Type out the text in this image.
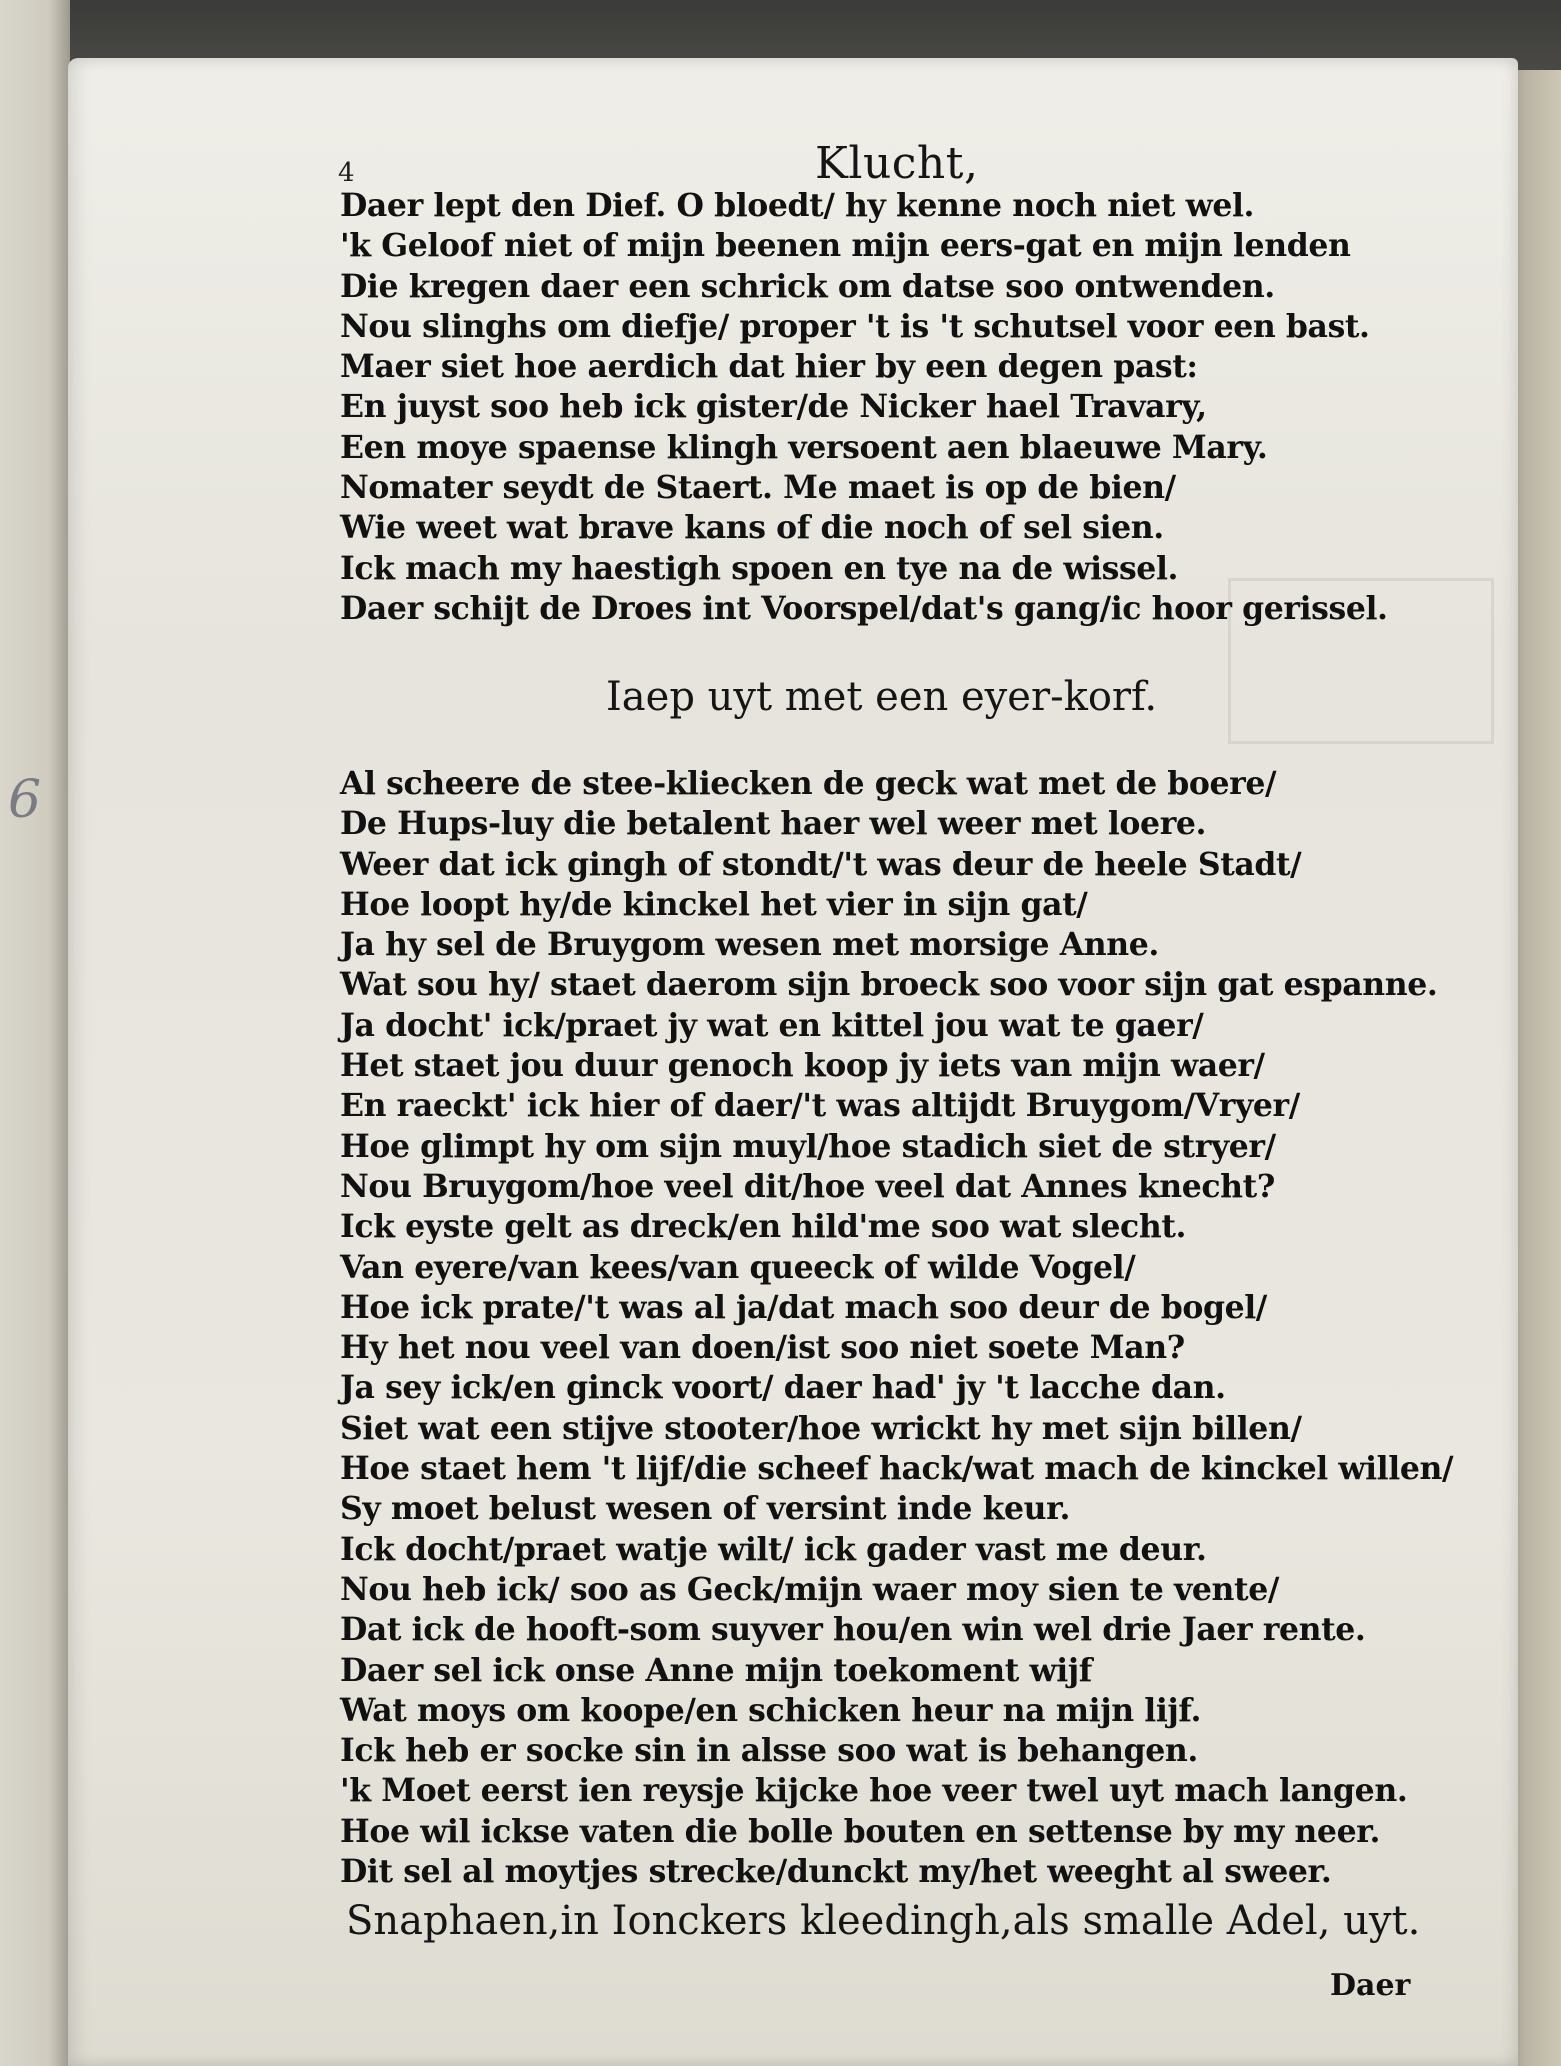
6
4	Klucht,
Daer lept den Dief. O bloedt/ hy kenne noch niet wel.
'k Geloof niet of mijn beenen mijn eers-gat en mijn lenden
Die kregen daer een schrick om datse soo ontwenden.
Nou slinghs om diefje/ proper 't is 't schutsel voor een bast.
Maer siet hoe aerdich dat hier by een degen past:
En juyst soo heb ick gister/de Nicker hael Travary,
Een moye spaense klingh versoent aen blaeuwe Mary.
Nomater seydt de Staert. Me maet is op de bien/
Wie weet wat brave kans of die noch of sel sien.
Ick mach my haestigh spoen en tye na de wissel.
Daer schijt de Droes int Voorspel/dat's gang/ic hoor gerissel.
Iaep uyt met een eyer-korf.
Al scheere de stee-kliecken de geck wat met de boere/
De Hups-luy die betalent haer wel weer met loere.
Weer dat ick gingh of stondt/'t was deur de heele Stadt/
Hoe loopt hy/de kinckel het vier in sijn gat/
Ja hy sel de Bruygom wesen met morsige Anne.
Wat sou hy/ staet daerom sijn broeck soo voor sijn gat espanne.
Ja docht' ick/praet jy wat en kittel jou wat te gaer/
Het staet jou duur genoch koop jy iets van mijn waer/
En raeckt' ick hier of daer/'t was altijdt Bruygom/Vryer/
Hoe glimpt hy om sijn muyl/hoe stadich siet de stryer/
Nou Bruygom/hoe veel dit/hoe veel dat Annes knecht?
Ick eyste gelt as dreck/en hild'me soo wat slecht.
Van eyere/van kees/van queeck of wilde Vogel/
Hoe ick prate/'t was al ja/dat mach soo deur de bogel/
Hy het nou veel van doen/ist soo niet soete Man?
Ja sey ick/en ginck voort/ daer had' jy 't lacche dan.
Siet wat een stijve stooter/hoe wrickt hy met sijn billen/
Hoe staet hem 't lijf/die scheef hack/wat mach de kinckel willen/
Sy moet belust wesen of versint inde keur.
Ick docht/praet watje wilt/ ick gader vast me deur.
Nou heb ick/ soo as Geck/mijn waer moy sien te vente/
Dat ick de hooft-som suyver hou/en win wel drie Jaer rente.
Daer sel ick onse Anne mijn toekoment wijf
Wat moys om koope/en schicken heur na mijn lijf.
Ick heb er socke sin in alsse soo wat is behangen.
'k Moet eerst ien reysje kijcke hoe veer twel uyt mach langen.
Hoe wil ickse vaten die bolle bouten en settense by my neer.
Dit sel al moytjes strecke/dunckt my/het weeght al sweer.
Snaphaen,in Ionckers kleedingh,als smalle Adel, uyt.
Daer
